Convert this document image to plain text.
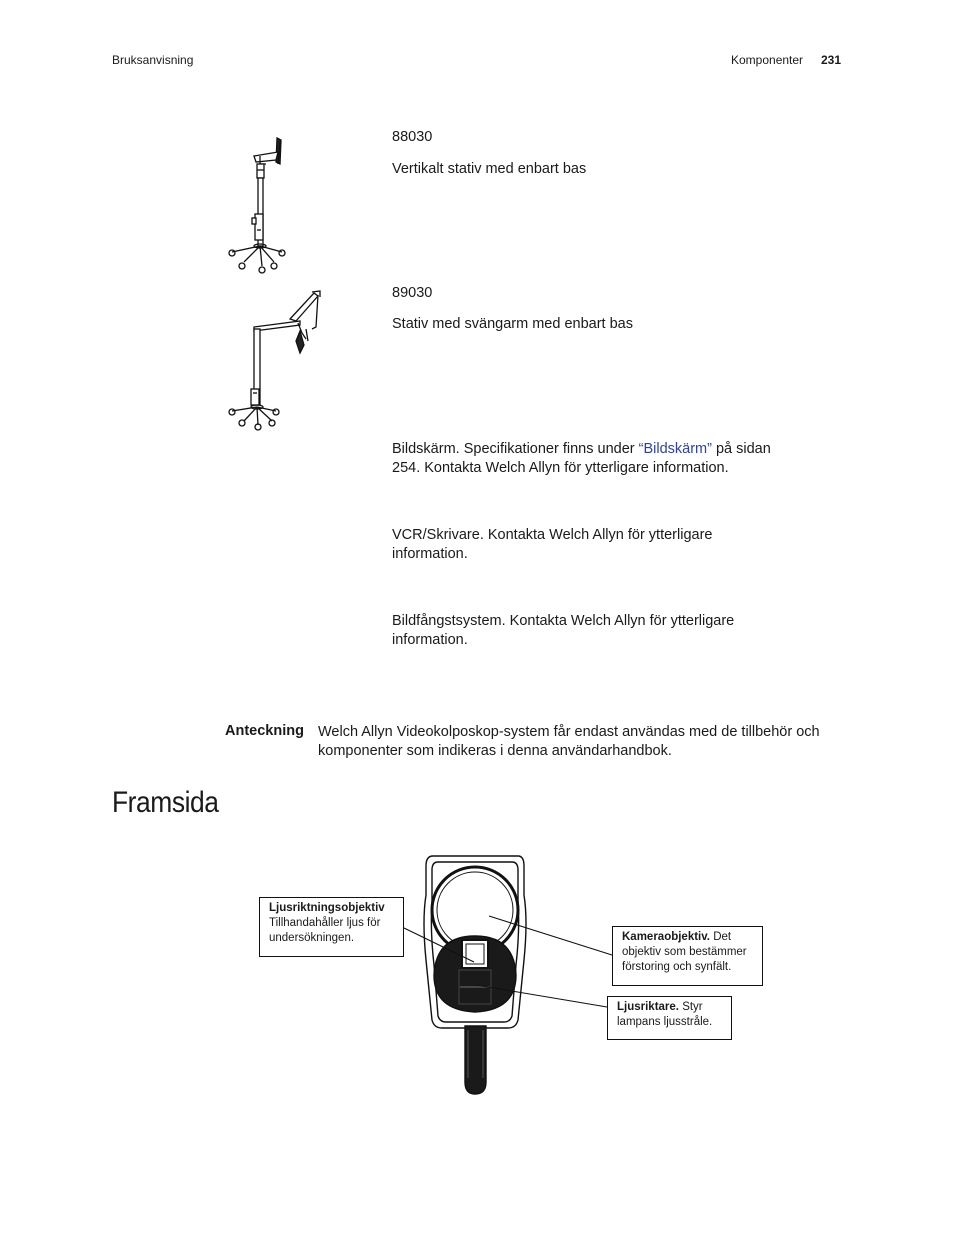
Bruksanvisning	Komponenter 231
88030
Vertikalt stativ med enbart bas
89030
Stativ med svängarm med enbart bas
Bildskärm. Specifikationer finns under “Bildskärm” på sidan 254. Kontakta Welch Allyn för ytterligare information.
VCR/Skrivare. Kontakta Welch Allyn för ytterligare information.
Bildfångstsystem. Kontakta Welch Allyn för ytterligare information.
Anteckning Welch Allyn Videokolposkop-system får endast användas med de tillbehör och komponenter som indikeras i denna användarhandbok.
Framsida
Ljusriktningsobjektiv
Tillhandahåller ljus för undersökningen.	Kameraobjektiv. Det objektiv som bestämmer förstoring och synfält.
Ljusriktare. Styr lampans ljusstråle.
